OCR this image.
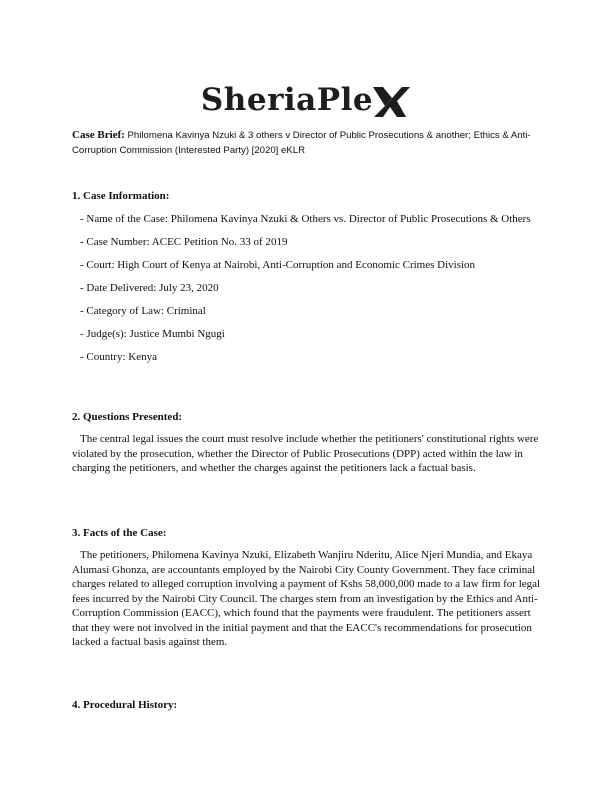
SheriaPle
Case Brief: Philomena Kavinya Nzuki & 3 others v Director of Public Prosecutions & another; Ethics & Anti-Corruption Commission (Interested Party) [2020] eKLR

1. Case Information:

- Name of the Case: Philomena Kavinya Nzuki & Others vs. Director of Public Prosecutions & Others

- Case Number: ACEC Petition No. 33 of 2019

- Court: High Court of Kenya at Nairobi, Anti-Corruption and Economic Crimes Division

- Date Delivered: July 23, 2020

- Category of Law: Criminal

- Judge(s): Justice Mumbi Ngugi

- Country: Kenya

2. Questions Presented:

The central legal issues the court must resolve include whether the petitioners' constitutional rights were violated by the prosecution, whether the Director of Public Prosecutions (DPP) acted within the law in charging the petitioners, and whether the charges against the petitioners lack a factual basis.

3. Facts of the Case:

The petitioners, Philomena Kavinya Nzuki, Elizabeth Wanjiru Nderitu, Alice Njeri Mundia, and Ekaya Alumasi Ghonza, are accountants employed by the Nairobi City County Government. They face criminal charges related to alleged corruption involving a payment of Kshs 58,000,000 made to a law firm for legal fees incurred by the Nairobi City Council. The charges stem from an investigation by the Ethics and Anti-Corruption Commission (EACC), which found that the payments were fraudulent. The petitioners assert that they were not involved in the initial payment and that the EACC's recommendations for prosecution lacked a factual basis against them.

4. Procedural History:
